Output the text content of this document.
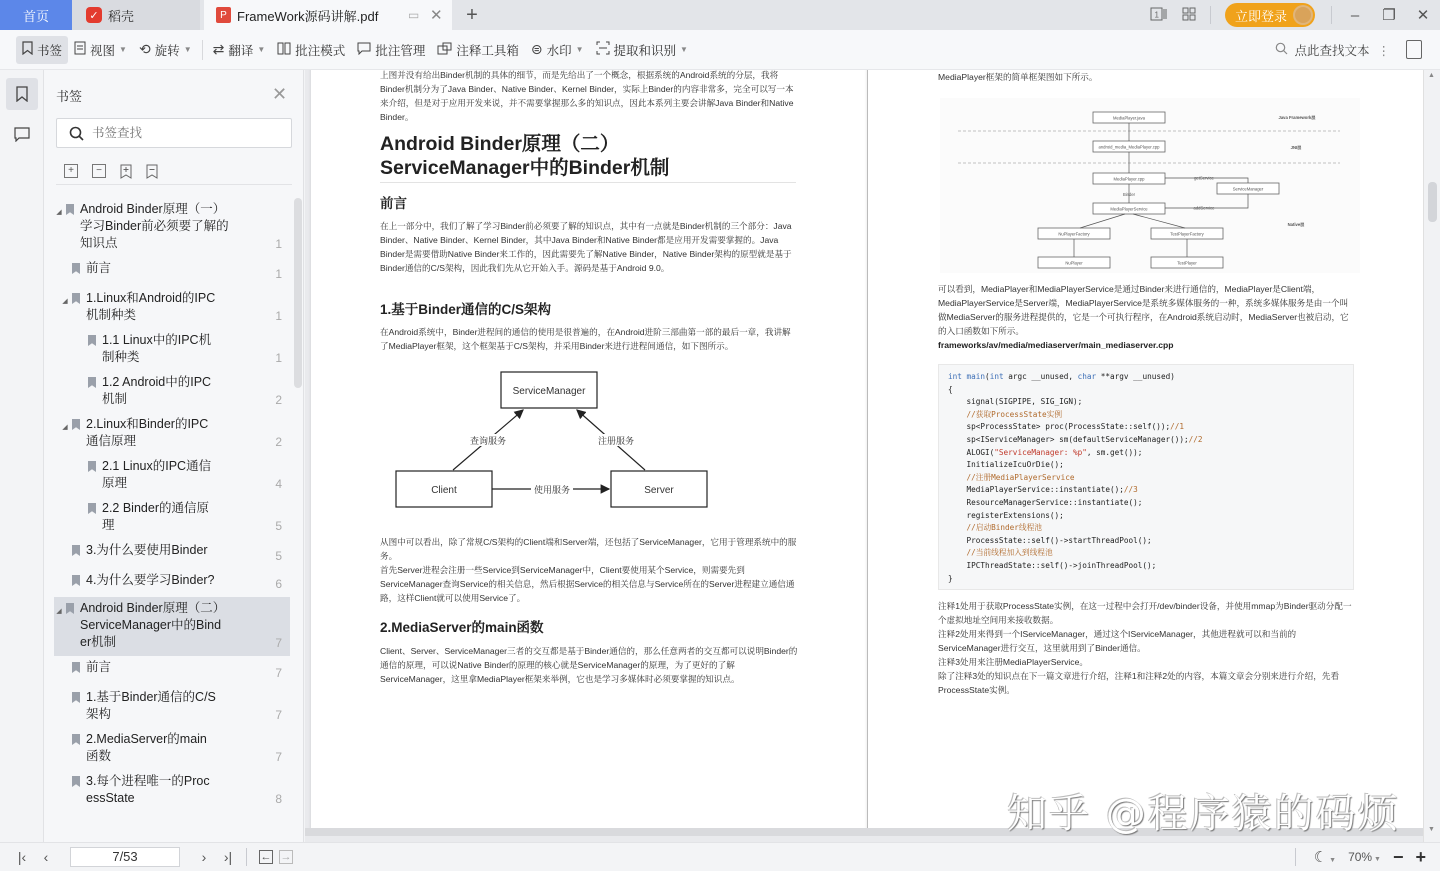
首页	✓ 稻壳	P FrameWork源码讲解.pdf ▭ ✕ +	1	立即登录	–	❐	✕
书签 视图 ▼ ⟲ 旋转 ▼ ⇄ 翻译 ▼ 批注模式 批注管理 注释工具箱 ⊜ 水印 ▼ 提取和识别 ▼	点此查找文本 ⋮
书签	✕
书签查找
+	−
◢ Android Binder原理（一）学习Binder前必须要了解的知识点	1
前言	1
◢ 1.Linux和Android的IPC机制种类	1
1.1 Linux中的IPC机制种类	1
1.2 Android中的IPC机制	2
◢ 2.Linux和Binder的IPC通信原理	2
2.1 Linux的IPC通信原理	4
2.2 Binder的通信原理	5
3.为什么要使用Binder	5
4.为什么要学习Binder?	6
◢ Android Binder原理（二）ServiceManager中的Binder机制	7
前言	7
1.基于Binder通信的C/S架构	7
2.MediaServer的main函数	7
3.每个进程唯一的ProcessState	8
上图并没有给出Binder机制的具体的细节，而是先给出了一个概念，根据系统的Android系统的分层，我将Binder机制分为了Java Binder、Native Binder、Kernel Binder，实际上Binder的内容非常多，完全可以写一本来介绍，但是对于应用开发来说，并不需要掌握那么多的知识点，因此本系列主要会讲解Java Binder和Native Binder。
Android Binder原理（二）
ServiceManager中的Binder机制
前言
在上一部分中，我们了解了学习Binder前必须要了解的知识点，其中有一点就是Binder机制的三个部分：Java Binder、Native Binder、Kernel Binder，其中Java Binder和Native Binder都是应用开发需要掌握的。Java Binder是需要借助Native Binder来工作的，因此需要先了解Native Binder，Native Binder架构的原型就是基于Binder通信的C/S架构，因此我们先从它开始入手。源码是基于Android 9.0。
1.基于Binder通信的C/S架构
在Android系统中，Binder进程间的通信的使用是很普遍的，在Android进阶三部曲第一部的最后一章，我讲解了MediaPlayer框架，这个框架基于C/S架构，并采用Binder来进行进程间通信，如下图所示。
ServiceManager
Client	Server
查询服务	注册服务
使用服务
从图中可以看出，除了常规C/S架构的Client端和Server端，还包括了ServiceManager，它用于管理系统中的服务。
首先Server进程会注册一些Service到ServiceManager中，Client要使用某个Service，则需要先到ServiceManager查询Service的相关信息，然后根据Service的相关信息与Service所在的Server进程建立通信通路，这样Client就可以使用Service了。
2.MediaServer的main函数
Client、Server、ServiceManager三者的交互都是基于Binder通信的，那么任意两者的交互都可以说明Binder的通信的原理，可以说Native Binder的原理的核心就是ServiceManager的原理，为了更好的了解ServiceManager，这里拿MediaPlayer框架来举例，它也是学习多媒体时必须要掌握的知识点。
MediaPlayer框架的简单框架图如下所示。
MediaPlayer.java
android_media_MediaPlayer.cpp
MediaPlayer.cpp
Binder
ServiceManager
MediaPlayerService
getService
addService
NuPlayerFactory	TestPlayerFactory
NuPlayer	TestPlayer
Java Framework层
JNI层
Native层
可以看到，MediaPlayer和MediaPlayerService是通过Binder来进行通信的，MediaPlayer是Client端，MediaPlayerService是Server端，MediaPlayerService是系统多媒体服务的一种，系统多媒体服务是由一个叫做MediaServer的服务进程提供的，它是一个可执行程序，在Android系统启动时，MediaServer也被启动，它的入口函数如下所示。
frameworks/av/media/mediaserver/main_mediaserver.cpp
int main(int argc __unused, char **argv __unused)
{
signal(SIGPIPE, SIG_IGN);
//获取ProcessState实例
sp<ProcessState> proc(ProcessState::self());//1
sp<IServiceManager> sm(defaultServiceManager());//2
ALOGI("ServiceManager: %p", sm.get());
InitializeIcuOrDie();
//注册MediaPlayerService
MediaPlayerService::instantiate();//3
ResourceManagerService::instantiate();
registerExtensions();
//启动Binder线程池
ProcessState::self()->startThreadPool();
//当前线程加入到线程池
IPCThreadState::self()->joinThreadPool();
}
注释1处用于获取ProcessState实例，在这一过程中会打开/dev/binder设备，并使用mmap为Binder驱动分配一个虚拟地址空间用来接收数据。
注释2处用来得到一个IServiceManager，通过这个IServiceManager，其他进程就可以和当前的ServiceManager进行交互，这里就用到了Binder通信。
注释3处用来注册MediaPlayerService。
除了注释3处的知识点在下一篇文章进行介绍，注释1和注释2处的内容，本篇文章会分别来进行介绍，先看ProcessState实例。
知乎 @程序猿的码烦
▲
▼
|‹	‹
7/53	›	›|	← →	☾ ▼ 70% ▼ − +
